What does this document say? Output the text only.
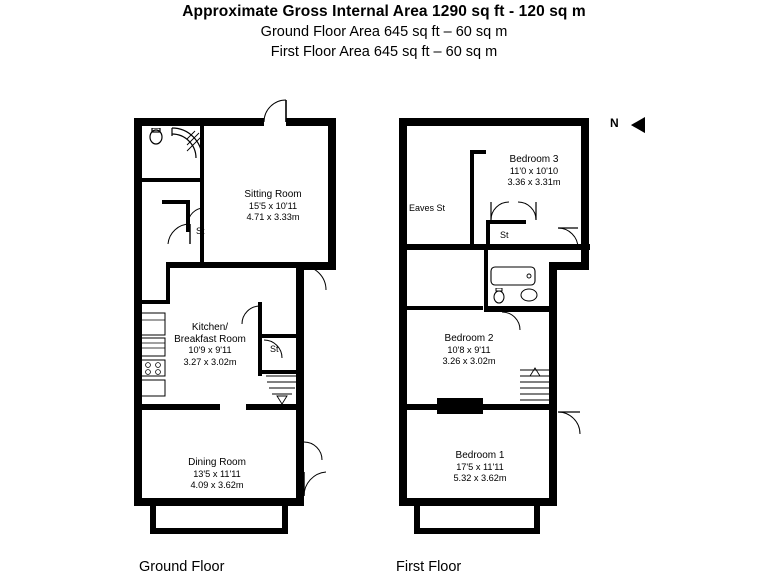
Approximate Gross Internal Area 1290 sq ft - 120 sq m
Ground Floor Area 645 sq ft – 60 sq m
First Floor Area 645 sq ft – 60 sq m
N
Sitting Room
15'5 x 10'11
4.71 x 3.33m
Kitchen/
Breakfast Room
10'9 x 9'11
3.27 x 3.02m
Dining Room
13'5 x 11'11
4.09 x 3.62m
St
St
Bedroom 3
11'0 x 10'10
3.36 x 3.31m
Bedroom 2
10'8 x 9'11
3.26 x 3.02m
Bedroom 1
17'5 x 11'11
5.32 x 3.62m
Eaves St
St
Ground Floor	First Floor
